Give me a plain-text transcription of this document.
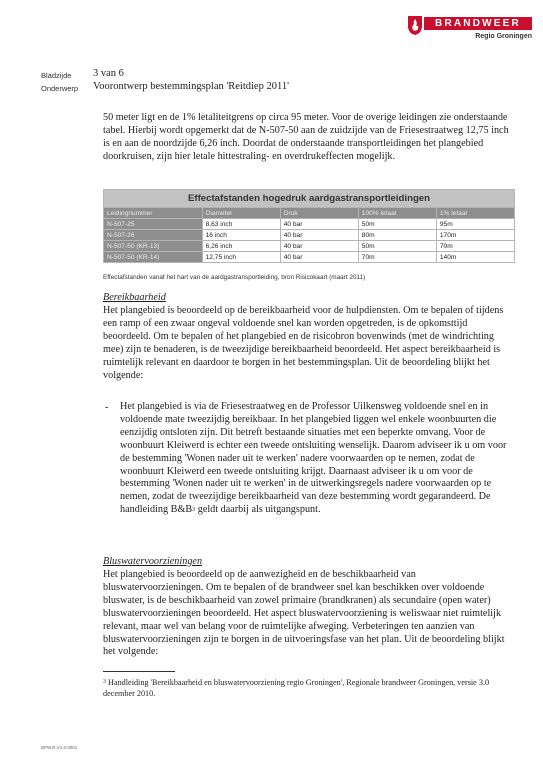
BRANDWEER
Regio Groningen
Bladzijde 3 van 6
Onderwerp Voorontwerp bestemmingsplan 'Reitdiep 2011'
50 meter ligt en de 1% letaliteitgrens op circa 95 meter. Voor de overige leidingen zie onderstaande tabel. Hierbij wordt opgemerkt dat de N-507-50 aan de zuidzijde van de Friesestraatweg 12,75 inch is en aan de noordzijde 6,26 inch. Doordat de onderstaande transportleidingen het plangebied doorkruisen, zijn hier letale hittestraling- en overdrukeffecten mogelijk.
Effectafstanden hogedruk aardgastransportleidingen				
Leidingnummer	Diameter	Druk	100% letaal	1% letaal
N-507-25	8,63 inch	40 bar	50m	95m
N-507-26	16 inch	40 bar	80m	170m
N-507-50 (KR-13)	6,26 inch	40 bar	50m	70m
N-507-50 (KR-14)	12,75 inch	40 bar	70m	140m
Effectafstanden vanaf het hart van de aardgastransportleiding, bron Risicokaart (maart 2011)
Bereikbaarheid
Het plangebied is beoordeeld op de bereikbaarheid voor de hulpdiensten. Om te bepalen of tijdens een ramp of een zwaar ongeval voldoende snel kan worden opgetreden, is de opkomsttijd beoordeeld. Om te bepalen of het plangebied en de risicobron bovenwinds (met de windrichting mee) zijn te benaderen, is de tweezijdige bereikbaarheid beoordeeld. Het aspect bereikbaarheid is ruimtelijk relevant en daardoor te borgen in het bestemmingsplan. Uit de beoordeling blijkt het volgende:
- Het plangebied is via de Friesestraatweg en de Professor Uilkensweg voldoende snel en in voldoende mate tweezijdig bereikbaar. In het plangebied liggen wel enkele woonbuurten die eenzijdig ontsloten zijn. Dit betreft bestaande situaties met een beperkte omvang. Voor de woonbuurt Kleiwerd is echter een tweede ontsluiting wenselijk. Daarom adviseer ik u om voor de bestemming 'Wonen nader uit te werken' nadere voorwaarden op te nemen, zodat de woonbuurt Kleiwerd een tweede ontsluiting krijgt. Daarnaast adviseer ik u om voor de bestemming 'Wonen nader uit te werken' in de uitwerkingsregels nadere voorwaarden op te nemen, zodat de tweezijdige bereikbaarheid van deze bestemming wordt gegarandeerd. De handleiding B&B$^3$ geldt daarbij als uitgangspunt.
Bluswatervoorzieningen
Het plangebied is beoordeeld op de aanwezigheid en de beschikbaarheid van bluswatervoorzieningen. Om te bepalen of de brandweer snel kan beschikken over voldoende bluswater, is de beschikbaarheid van zowel primaire (brandkranen) als secundaire (open water) bluswatervoorzieningen beoordeeld. Het aspect bluswatervoorziening is weliswaar niet ruimtelijk relevant, maar wel van belang voor de ruimtelijke afweging. Verbeteringen ten aanzien van bluswatervoorzieningen zijn te borgen in de uitvoeringsfase van het plan. Uit de beoordeling blijkt het volgende:
$^3$ Handleiding 'Bereikbaarheid en bluswatervoorziening regio Groningen', Regionale brandweer Groningen, versie 3.0 december 2010.
BPW.R.V1.0.0001
